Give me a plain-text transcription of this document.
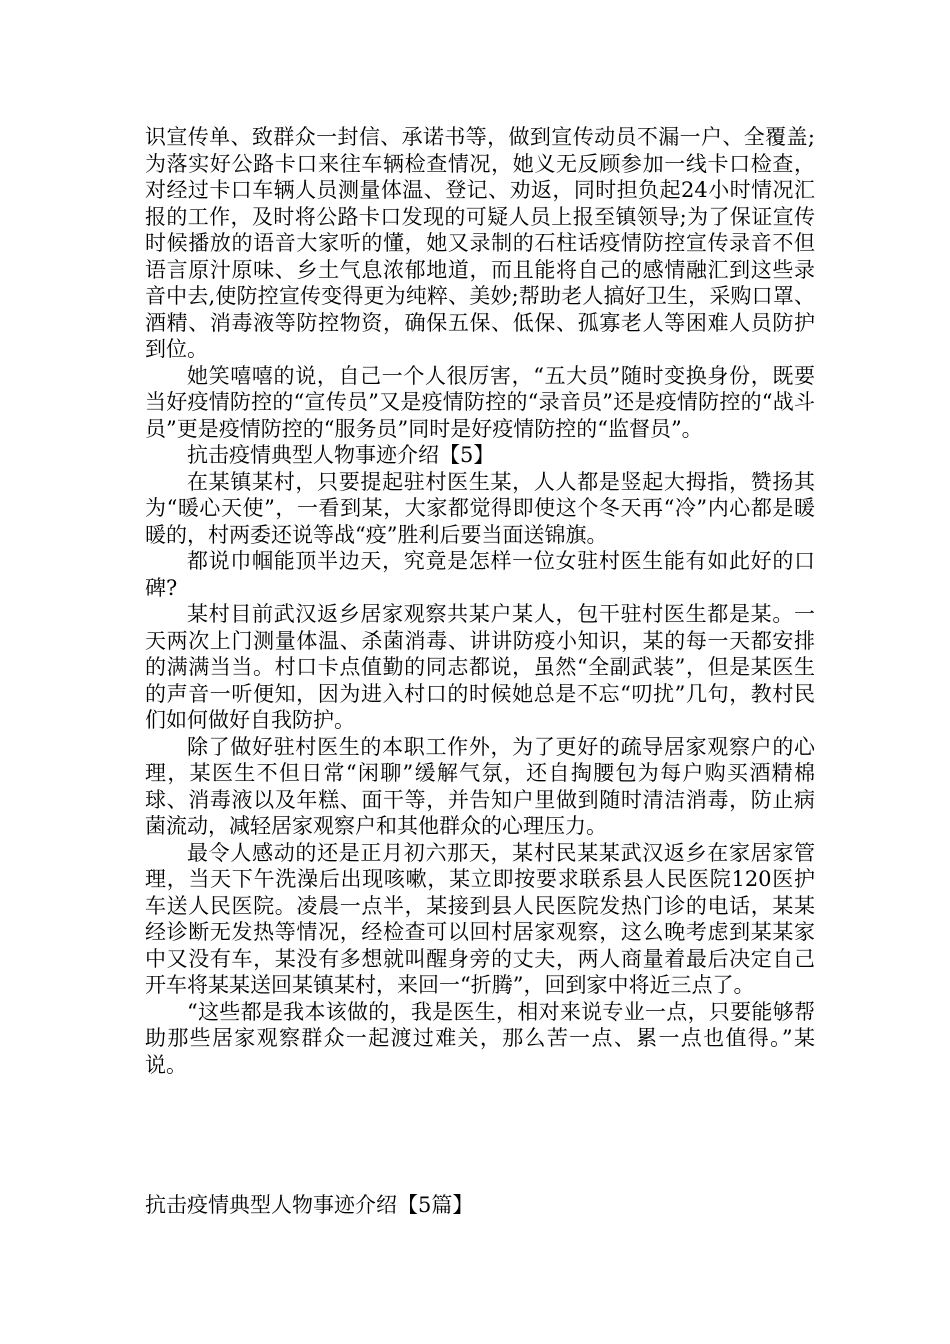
识宣传单、致群众一封信、承诺书等，做到宣传动员不漏一户、全覆盖;为落实好公路卡口来往车辆检查情况，她义无反顾参加一线卡口检查，对经过卡口车辆人员测量体温、登记、劝返，同时担负起24小时情况汇报的工作，及时将公路卡口发现的可疑人员上报至镇领导;为了保证宣传时候播放的语音大家听的懂，她又录制的石柱话疫情防控宣传录音不但语言原汁原味、乡土气息浓郁地道，而且能将自己的感情融汇到这些录音中去,使防控宣传变得更为纯粹、美妙;帮助老人搞好卫生，采购口罩、酒精、消毒液等防控物资，确保五保、低保、孤寡老人等困难人员防护到位。

她笑嘻嘻的说，自己一个人很厉害，“五大员”随时变换身份，既要当好疫情防控的“宣传员”又是疫情防控的“录音员”还是疫情防控的“战斗员”更是疫情防控的“服务员”同时是好疫情防控的“监督员”。

抗击疫情典型人物事迹介绍【5】

在某镇某村，只要提起驻村医生某，人人都是竖起大拇指，赞扬其为“暖心天使”，一看到某，大家都觉得即使这个冬天再“冷”内心都是暖暖的，村两委还说等战“疫”胜利后要当面送锦旗。

都说巾帼能顶半边天，究竟是怎样一位女驻村医生能有如此好的口碑?

某村目前武汉返乡居家观察共某户某人，包干驻村医生都是某。一天两次上门测量体温、杀菌消毒、讲讲防疫小知识，某的每一天都安排的满满当当。村口卡点值勤的同志都说，虽然“全副武装”，但是某医生的声音一听便知，因为进入村口的时候她总是不忘“叨扰”几句，教村民们如何做好自我防护。

除了做好驻村医生的本职工作外，为了更好的疏导居家观察户的心理，某医生不但日常“闲聊”缓解气氛，还自掏腰包为每户购买酒精棉球、消毒液以及年糕、面干等，并告知户里做到随时清洁消毒，防止病菌流动，减轻居家观察户和其他群众的心理压力。

最令人感动的还是正月初六那天，某村民某某武汉返乡在家居家管理，当天下午洗澡后出现咳嗽，某立即按要求联系县人民医院120医护车送人民医院。凌晨一点半，某接到县人民医院发热门诊的电话，某某经诊断无发热等情况，经检查可以回村居家观察，这么晚考虑到某某家中又没有车，某没有多想就叫醒身旁的丈夫，两人商量着最后决定自己开车将某某送回某镇某村，来回一“折腾”，回到家中将近三点了。

“这些都是我本该做的，我是医生，相对来说专业一点，只要能够帮助那些居家观察群众一起渡过难关，那么苦一点、累一点也值得。”某说。

抗击疫情典型人物事迹介绍【5篇】
